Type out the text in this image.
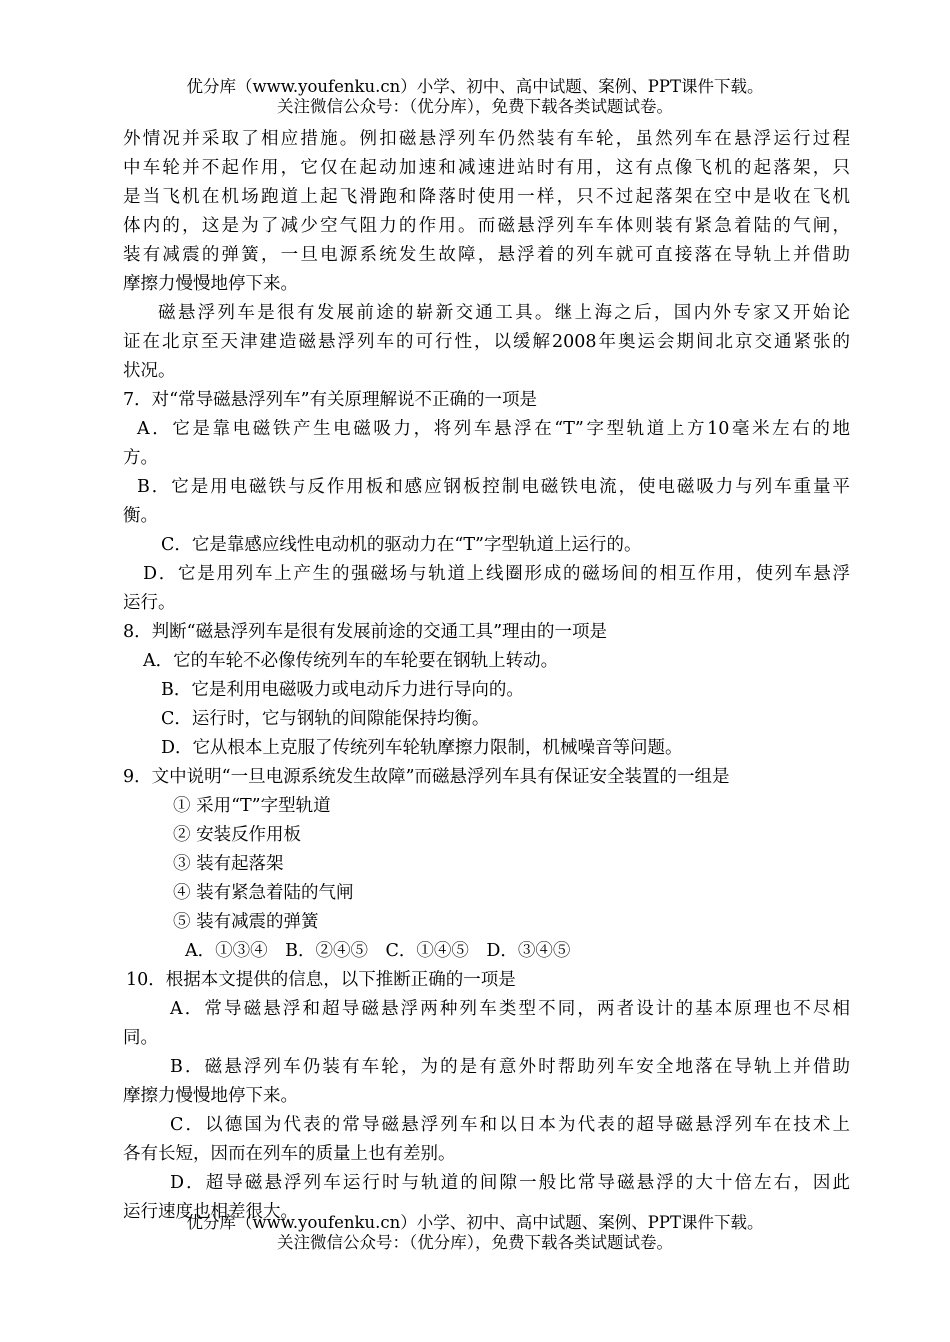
优分库（www.youfenku.cn）小学、初中、高中试题、案例、PPT课件下载。
关注微信公众号：（优分库），免费下载各类试题试卷。
外情况并采取了相应措施。例扣磁悬浮列车仍然装有车轮，虽然列车在悬浮运行过程
中车轮并不起作用，它仅在起动加速和减速进站时有用，这有点像飞机的起落架，只
是当飞机在机场跑道上起飞滑跑和降落时使用一样，只不过起落架在空中是收在飞机
体内的，这是为了减少空气阻力的作用。而磁悬浮列车车体则装有紧急着陆的气闸，
装有减震的弹簧，一旦电源系统发生故障，悬浮着的列车就可直接落在导轨上并借助
摩擦力慢慢地停下来。
磁悬浮列车是很有发展前途的崭新交通工具。继上海之后，国内外专家又开始论
证在北京至天津建造磁悬浮列车的可行性，以缓解2008年奥运会期间北京交通紧张的
状况。
7．对“常导磁悬浮列车”有关原理解说不正确的一项是
A．它是靠电磁铁产生电磁吸力，将列车悬浮在“T”字型轨道上方10毫米左右的地
方。
B．它是用电磁铁与反作用板和感应钢板控制电磁铁电流，使电磁吸力与列车重量平
衡。
C．它是靠感应线性电动机的驱动力在“T”字型轨道上运行的。
D．它是用列车上产生的强磁场与轨道上线圈形成的磁场间的相互作用，使列车悬浮
运行。
8．判断“磁悬浮列车是很有发展前途的交通工具”理由的一项是
A．它的车轮不必像传统列车的车轮要在钢轨上转动。
B．它是利用电磁吸力或电动斥力进行导向的。
C．运行时，它与钢轨的间隙能保持均衡。
D．它从根本上克服了传统列车轮轨摩擦力限制，机械噪音等问题。
9．文中说明“一旦电源系统发生故障”而磁悬浮列车具有保证安全装置的一组是
① 采用“T”字型轨道
② 安装反作用板
③ 装有起落架
④ 装有紧急着陆的气闸
⑤ 装有减震的弹簧
A．①③④　B．②④⑤　C．①④⑤　D．③④⑤
10．根据本文提供的信息，以下推断正确的一项是
A．常导磁悬浮和超导磁悬浮两种列车类型不同，两者设计的基本原理也不尽相
同。
B．磁悬浮列车仍装有车轮，为的是有意外时帮助列车安全地落在导轨上并借助
摩擦力慢慢地停下来。
C．以德国为代表的常导磁悬浮列车和以日本为代表的超导磁悬浮列车在技术上
各有长短，因而在列车的质量上也有差别。
D．超导磁悬浮列车运行时与轨道的间隙一般比常导磁悬浮的大十倍左右，因此
运行速度也相差很大。
优分库（www.youfenku.cn）小学、初中、高中试题、案例、PPT课件下载。
关注微信公众号：（优分库），免费下载各类试题试卷。
